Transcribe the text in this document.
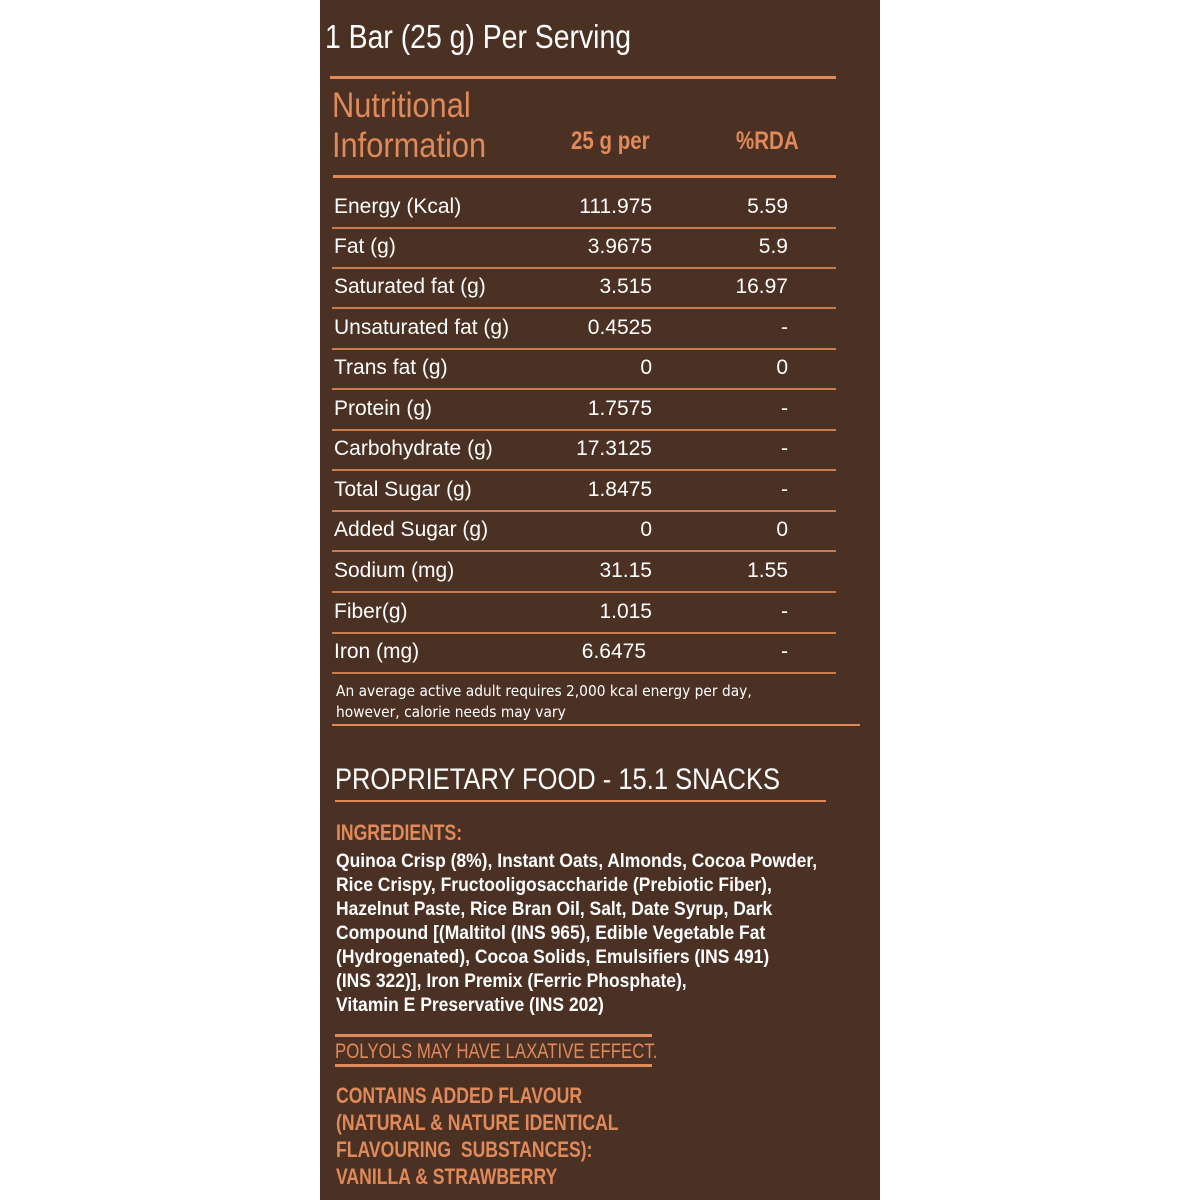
1 Bar (25 g) Per Serving
Nutritional
Information	25 g per	%RDA
Energy (Kcal)	111.975	5.59
Fat (g)	3.9675	5.9
Saturated fat (g)	3.515	16.97
Unsaturated fat (g)	0.4525	-
Trans fat (g)	0	0
Protein (g)	1.7575	-
Carbohydrate (g)	17.3125	-
Total Sugar (g)	1.8475	-
Added Sugar (g)	0	0
Sodium (mg)	31.15	1.55
Fiber(g)	1.015	-
Iron (mg)	6.6475	-
An average active adult requires 2,000 kcal energy per day,
however, calorie needs may vary
PROPRIETARY FOOD - 15.1 SNACKS
INGREDIENTS:
Quinoa Crisp (8%), Instant Oats, Almonds, Cocoa Powder,
Rice Crispy, Fructooligosaccharide (Prebiotic Fiber),
Hazelnut Paste, Rice Bran Oil, Salt, Date Syrup, Dark
Compound [(Maltitol (INS 965), Edible Vegetable Fat
(Hydrogenated), Cocoa Solids, Emulsifiers (INS 491)
(INS 322)], Iron Premix (Ferric Phosphate),
Vitamin E Preservative (INS 202)
POLYOLS MAY HAVE LAXATIVE EFFECT.
CONTAINS ADDED FLAVOUR
(NATURAL & NATURE IDENTICAL
FLAVOURING  SUBSTANCES):
VANILLA & STRAWBERRY
